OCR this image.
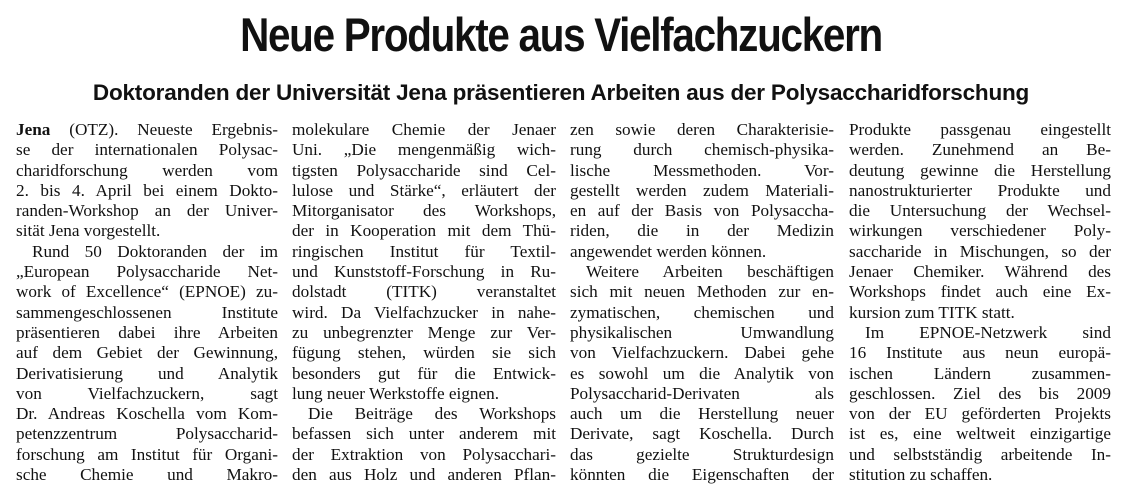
Neue Produkte aus Vielfachzuckern
Doktoranden der Universität Jena präsentieren Arbeiten aus der Polysaccharidforschung
Jena (OTZ). Neueste Ergebnis-
se der internationalen Polysac-
charidforschung werden vom
2. bis 4. April bei einem Dokto-
randen-Workshop an der Univer-
sität Jena vorgestellt.
Rund 50 Doktoranden der im
„European Polysaccharide Net-
work of Excellence“ (EPNOE) zu-
sammengeschlossenen Institute
präsentieren dabei ihre Arbeiten
auf dem Gebiet der Gewinnung,
Derivatisierung und Analytik
von Vielfachzuckern, sagt
Dr. Andreas Koschella vom Kom-
petenzzentrum Polysaccharid-
forschung am Institut für Organi-
sche Chemie und Makro-
molekulare Chemie der Jenaer
Uni. „Die mengenmäßig wich-
tigsten Polysaccharide sind Cel-
lulose und Stärke“, erläutert der
Mitorganisator des Workshops,
der in Kooperation mit dem Thü-
ringischen Institut für Textil-
und Kunststoff-Forschung in Ru-
dolstadt (TITK) veranstaltet
wird. Da Vielfachzucker in nahe-
zu unbegrenzter Menge zur Ver-
fügung stehen, würden sie sich
besonders gut für die Entwick-
lung neuer Werkstoffe eignen.
Die Beiträge des Workshops
befassen sich unter anderem mit
der Extraktion von Polysacchari-
den aus Holz und anderen Pflan-
zen sowie deren Charakterisie-
rung durch chemisch-physika-
lische Messmethoden. Vor-
gestellt werden zudem Materiali-
en auf der Basis von Polysaccha-
riden, die in der Medizin
angewendet werden können.
Weitere Arbeiten beschäftigen
sich mit neuen Methoden zur en-
zymatischen, chemischen und
physikalischen Umwandlung
von Vielfachzuckern. Dabei gehe
es sowohl um die Analytik von
Polysaccharid-Derivaten als
auch um die Herstellung neuer
Derivate, sagt Koschella. Durch
das gezielte Strukturdesign
könnten die Eigenschaften der
Produkte passgenau eingestellt
werden. Zunehmend an Be-
deutung gewinne die Herstellung
nanostrukturierter Produkte und
die Untersuchung der Wechsel-
wirkungen verschiedener Poly-
saccharide in Mischungen, so der
Jenaer Chemiker. Während des
Workshops findet auch eine Ex-
kursion zum TITK statt.
Im EPNOE-Netzwerk sind
16 Institute aus neun europä-
ischen Ländern zusammen-
geschlossen. Ziel des bis 2009
von der EU geförderten Projekts
ist es, eine weltweit einzigartige
und selbstständig arbeitende In-
stitution zu schaffen.
